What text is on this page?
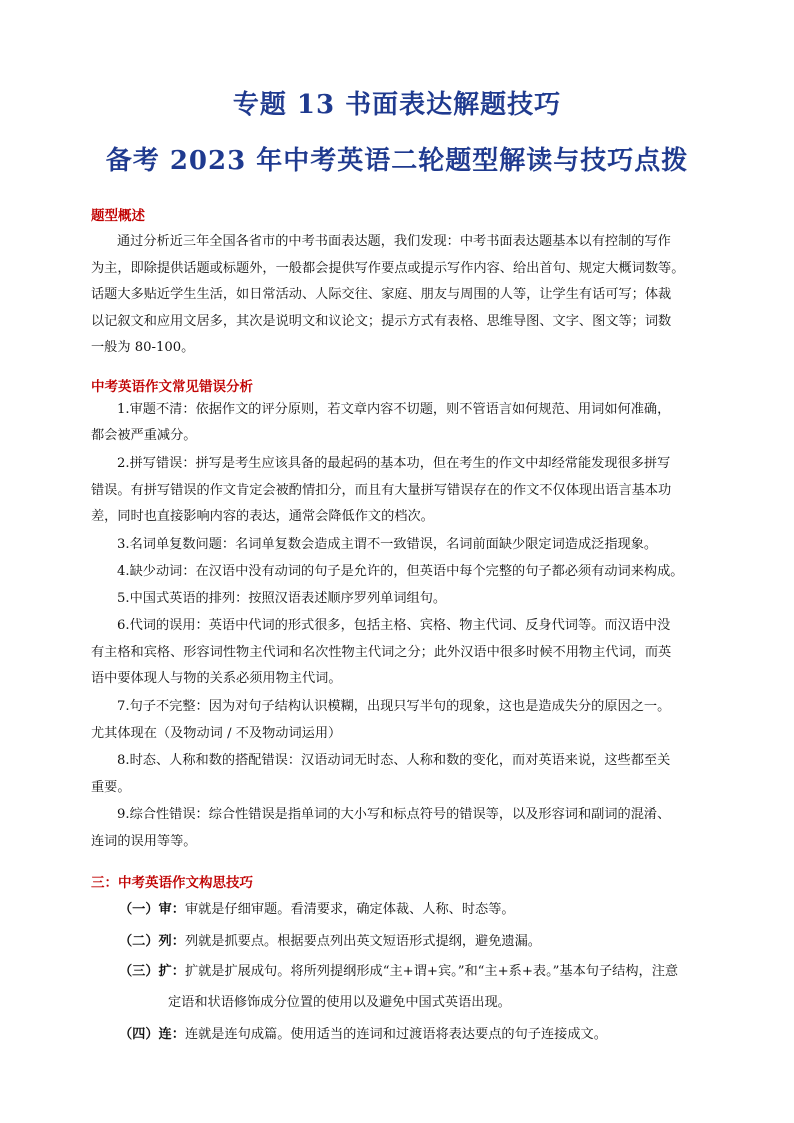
专题 13 书面表达解题技巧
备考 2023 年中考英语二轮题型解读与技巧点拨
题型概述
通过分析近三年全国各省市的中考书面表达题，我们发现：中考书面表达题基本以有控制的写作
为主，即除提供话题或标题外，一般都会提供写作要点或提示写作内容、给出首句、规定大概词数等。
话题大多贴近学生生活，如日常活动、人际交往、家庭、朋友与周围的人等，让学生有话可写；体裁
以记叙文和应用文居多，其次是说明文和议论文；提示方式有表格、思维导图、文字、图文等；词数
一般为 80-100。
中考英语作文常见错误分析
1.审题不清：依据作文的评分原则，若文章内容不切题，则不管语言如何规范、用词如何准确，
都会被严重减分。
2.拼写错误：拼写是考生应该具备的最起码的基本功，但在考生的作文中却经常能发现很多拼写
错误。有拼写错误的作文肯定会被酌情扣分，而且有大量拼写错误存在的作文不仅体现出语言基本功
差，同时也直接影响内容的表达，通常会降低作文的档次。
3.名词单复数问题：名词单复数会造成主谓不一致错误，名词前面缺少限定词造成泛指现象。
4.缺少动词：在汉语中没有动词的句子是允许的，但英语中每个完整的句子都必须有动词来构成。
5.中国式英语的排列：按照汉语表述顺序罗列单词组句。
6.代词的误用：英语中代词的形式很多，包括主格、宾格、物主代词、反身代词等。而汉语中没
有主格和宾格、形容词性物主代词和名次性物主代词之分；此外汉语中很多时候不用物主代词，而英
语中要体现人与物的关系必须用物主代词。
7.句子不完整：因为对句子结构认识模糊，出现只写半句的现象，这也是造成失分的原因之一。
尤其体现在（及物动词 / 不及物动词运用）
8.时态、人称和数的搭配错误：汉语动词无时态、人称和数的变化，而对英语来说，这些都至关
重要。
9.综合性错误：综合性错误是指单词的大小写和标点符号的错误等，以及形容词和副词的混淆、
连词的误用等等。
三：中考英语作文构思技巧
（一）审：审就是仔细审题。看清要求，确定体裁、人称、时态等。
（二）列：列就是抓要点。根据要点列出英文短语形式提纲，避免遗漏。
（三）扩：扩就是扩展成句。将所列提纲形成“主+谓+宾。”和“主+系+表。”基本句子结构，注意
定语和状语修饰成分位置的使用以及避免中国式英语出现。
（四）连：连就是连句成篇。使用适当的连词和过渡语将表达要点的句子连接成文。
